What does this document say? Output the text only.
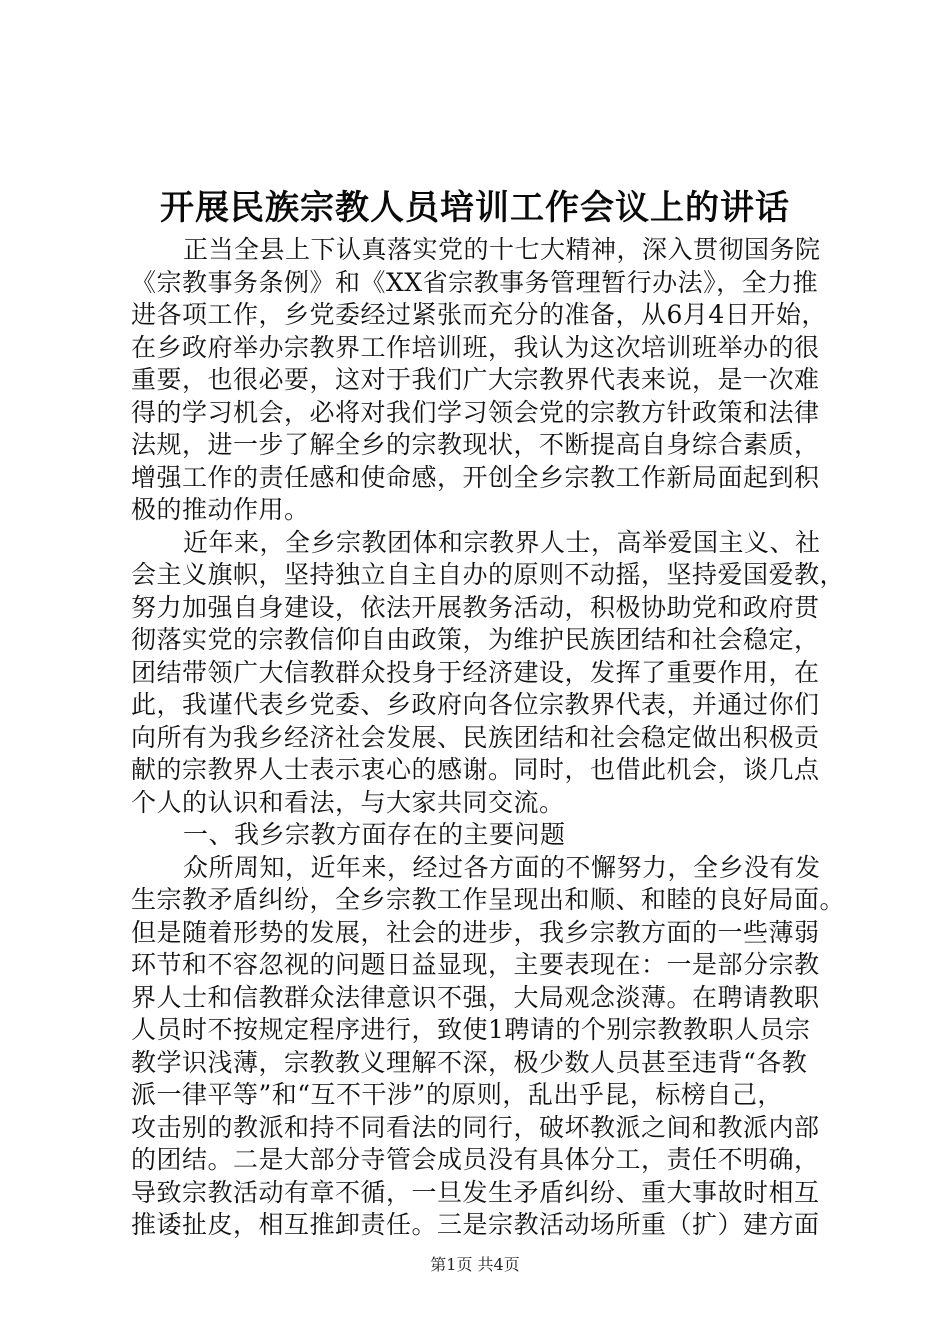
开展民族宗教人员培训工作会议上的讲话
正当全县上下认真落实党的十七大精神，深入贯彻国务院
《宗教事务条例》和《XX省宗教事务管理暂行办法》，全力推
进各项工作，乡党委经过紧张而充分的准备，从6月4日开始，
在乡政府举办宗教界工作培训班，我认为这次培训班举办的很
重要，也很必要，这对于我们广大宗教界代表来说，是一次难
得的学习机会，必将对我们学习领会党的宗教方针政策和法律
法规，进一步了解全乡的宗教现状，不断提高自身综合素质，
增强工作的责任感和使命感，开创全乡宗教工作新局面起到积
极的推动作用。
近年来，全乡宗教团体和宗教界人士，高举爱国主义、社
会主义旗帜，坚持独立自主自办的原则不动摇，坚持爱国爱教，
努力加强自身建设，依法开展教务活动，积极协助党和政府贯
彻落实党的宗教信仰自由政策，为维护民族团结和社会稳定，
团结带领广大信教群众投身于经济建设，发挥了重要作用，在
此，我谨代表乡党委、乡政府向各位宗教界代表，并通过你们
向所有为我乡经济社会发展、民族团结和社会稳定做出积极贡
献的宗教界人士表示衷心的感谢。同时，也借此机会，谈几点
个人的认识和看法，与大家共同交流。
一、我乡宗教方面存在的主要问题
众所周知，近年来，经过各方面的不懈努力，全乡没有发
生宗教矛盾纠纷，全乡宗教工作呈现出和顺、和睦的良好局面。
但是随着形势的发展，社会的进步，我乡宗教方面的一些薄弱
环节和不容忽视的问题日益显现，主要表现在：一是部分宗教
界人士和信教群众法律意识不强，大局观念淡薄。在聘请教职
人员时不按规定程序进行，致使1聘请的个别宗教教职人员宗
教学识浅薄，宗教教义理解不深，极少数人员甚至违背“各教
派一律平等”和“互不干涉”的原则，乱出乎昆，标榜自己，
攻击别的教派和持不同看法的同行，破坏教派之间和教派内部
的团结。二是大部分寺管会成员没有具体分工，责任不明确，
导致宗教活动有章不循，一旦发生矛盾纠纷、重大事故时相互
推诿扯皮，相互推卸责任。三是宗教活动场所重（扩）建方面
第1页 共4页
